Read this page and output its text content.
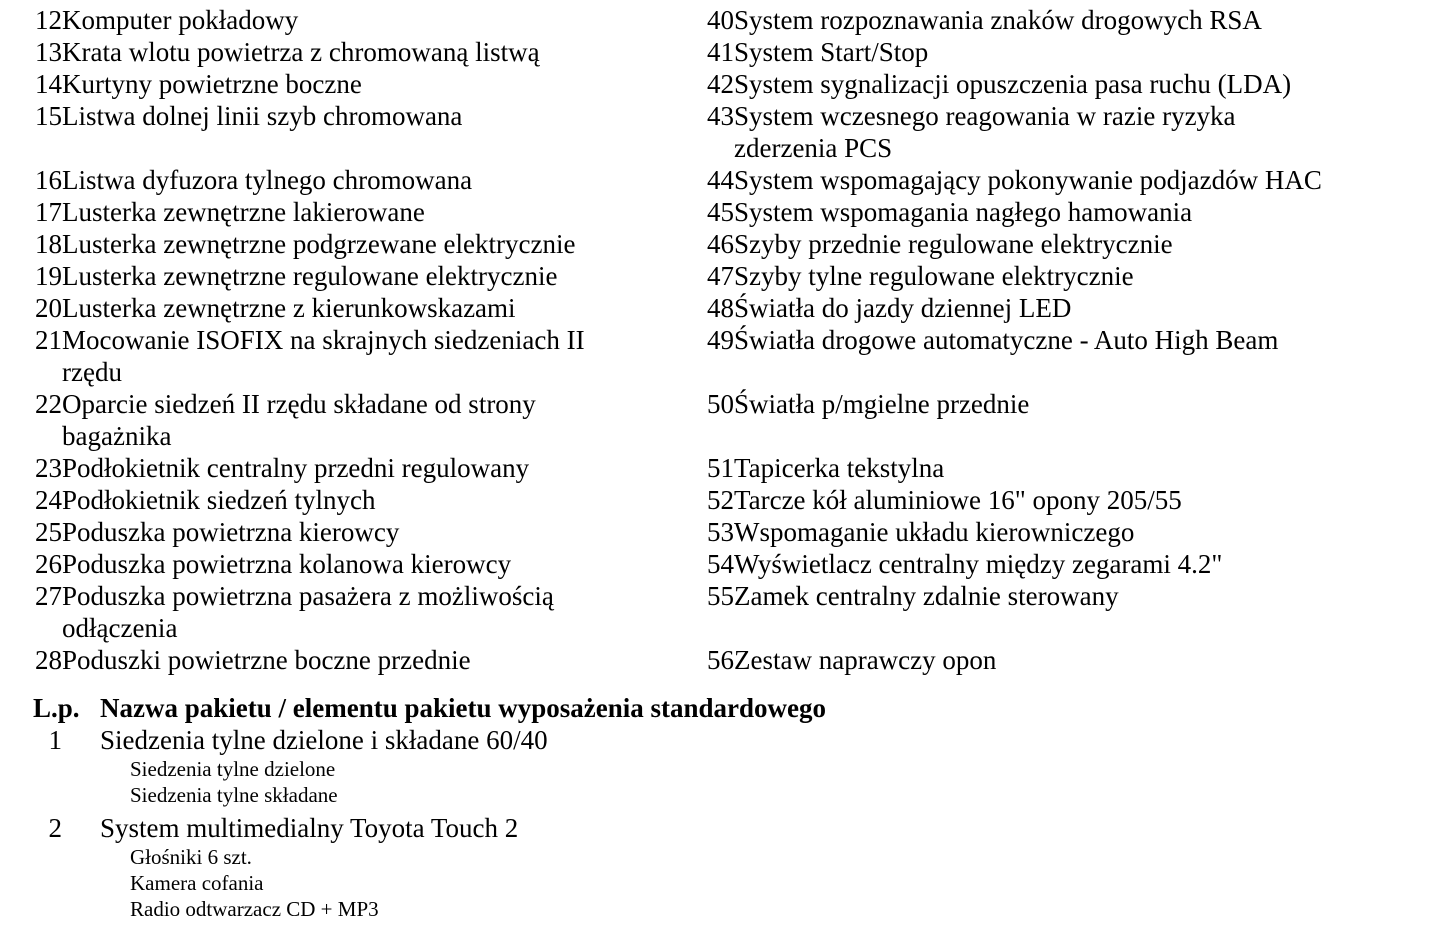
12	Komputer pokładowy	40	System rozpoznawania znaków drogowych RSA
13	Krata wlotu powietrza z chromowaną listwą	41	System Start/Stop
14	Kurtyny powietrzne boczne	42	System sygnalizacji opuszczenia pasa ruchu (LDA)
15	Listwa dolnej linii szyb chromowana	43	System wczesnego reagowania w razie ryzyka zderzenia PCS
16	Listwa dyfuzora tylnego chromowana	44	System wspomagający pokonywanie podjazdów HAC
17	Lusterka zewnętrzne lakierowane	45	System wspomagania nagłego hamowania
18	Lusterka zewnętrzne podgrzewane elektrycznie	46	Szyby przednie regulowane elektrycznie
19	Lusterka zewnętrzne regulowane elektrycznie	47	Szyby tylne regulowane elektrycznie
20	Lusterka zewnętrzne z kierunkowskazami	48	Światła do jazdy dziennej LED
21	Mocowanie ISOFIX na skrajnych siedzeniach II rzędu	49	Światła drogowe automatyczne - Auto High Beam
22	Oparcie siedzeń II rzędu składane od strony bagażnika	50	Światła p/mgielne przednie
23	Podłokietnik centralny przedni regulowany	51	Tapicerka tekstylna
24	Podłokietnik siedzeń tylnych	52	Tarcze kół aluminiowe 16" opony 205/55
25	Poduszka powietrzna kierowcy	53	Wspomaganie układu kierowniczego
26	Poduszka powietrzna kolanowa kierowcy	54	Wyświetlacz centralny między zegarami 4.2"
27	Poduszka powietrzna pasażera z możliwością odłączenia	55	Zamek centralny zdalnie sterowany
28	Poduszki powietrzne boczne przednie	56	Zestaw naprawczy opon
L.p. Nazwa pakietu / elementu pakietu wyposażenia standardowego
1	Siedzenia tylne dzielone i składane 60/40
Siedzenia tylne dzielone
Siedzenia tylne składane
2	System multimedialny Toyota Touch 2
Głośniki 6 szt.
Kamera cofania
Radio odtwarzacz CD + MP3
